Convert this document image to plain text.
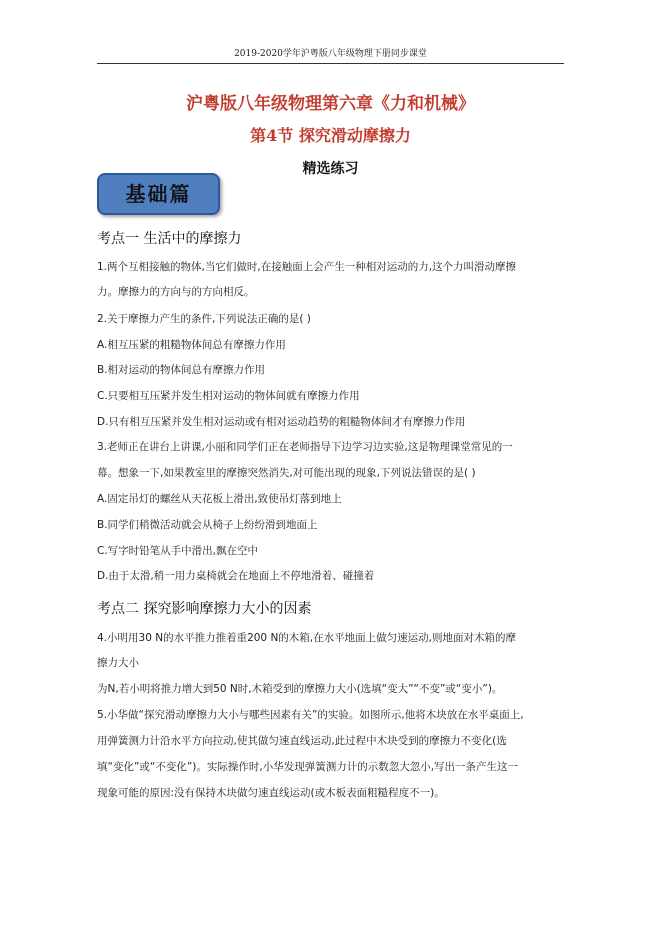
2019-2020学年沪粤版八年级物理下册同步课堂
沪粤版八年级物理第六章《力和机械》
第4节 探究滑动摩擦力
精选练习
基础篇
考点一 生活中的摩擦力
1.两个互相接触的物体,当它们做时,在接触面上会产生一种相对运动的力,这个力叫滑动摩擦
力。摩擦力的方向与的方向相反。
2.关于摩擦力产生的条件,下列说法正确的是( )
A.相互压紧的粗糙物体间总有摩擦力作用
B.相对运动的物体间总有摩擦力作用
C.只要相互压紧并发生相对运动的物体间就有摩擦力作用
D.只有相互压紧并发生相对运动或有相对运动趋势的粗糙物体间才有摩擦力作用
3.老师正在讲台上讲课,小丽和同学们正在老师指导下边学习边实验,这是物理课堂常见的一
幕。想象一下,如果教室里的摩擦突然消失,对可能出现的现象,下列说法错误的是( )
A.固定吊灯的螺丝从天花板上滑出,致使吊灯落到地上
B.同学们稍微活动就会从椅子上纷纷滑到地面上
C.写字时铅笔从手中滑出,飘在空中
D.由于太滑,稍一用力桌椅就会在地面上不停地滑着、碰撞着
考点二 探究影响摩擦力大小的因素
4.小明用30 N的水平推力推着重200 N的木箱,在水平地面上做匀速运动,则地面对木箱的摩
擦力大小
为N,若小明将推力增大到50 N时,木箱受到的摩擦力大小(选填“变大”“不变”或“变小”)。
5.小华做“探究滑动摩擦力大小与哪些因素有关”的实验。如图所示,他将木块放在水平桌面上,
用弹簧测力计沿水平方向拉动,使其做匀速直线运动,此过程中木块受到的摩擦力不变化(选
填“变化”或“不变化”)。实际操作时,小华发现弹簧测力计的示数忽大忽小,写出一条产生这一
现象可能的原因:没有保持木块做匀速直线运动(或木板表面粗糙程度不一)。
